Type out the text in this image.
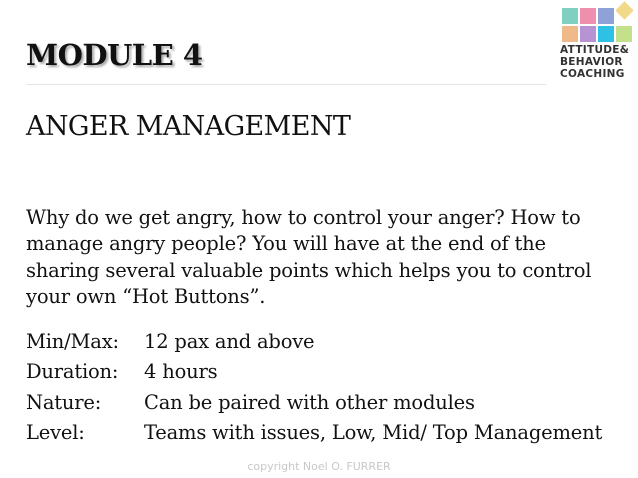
MODULE 4
ANGER MANAGEMENT

Why do we get angry, how to control your anger? How to manage angry people? You will have at the end of the sharing several valuable points which helps you to control your own “Hot Buttons”.

Min/Max:	12 pax and above
Duration:	4 hours
Nature:	Can be paired with other modules
Level:	Teams with issues, Low, Mid/ Top Management
copyright Noel O. FURRER
ATTITUDE&
BEHAVIOR
COACHING
